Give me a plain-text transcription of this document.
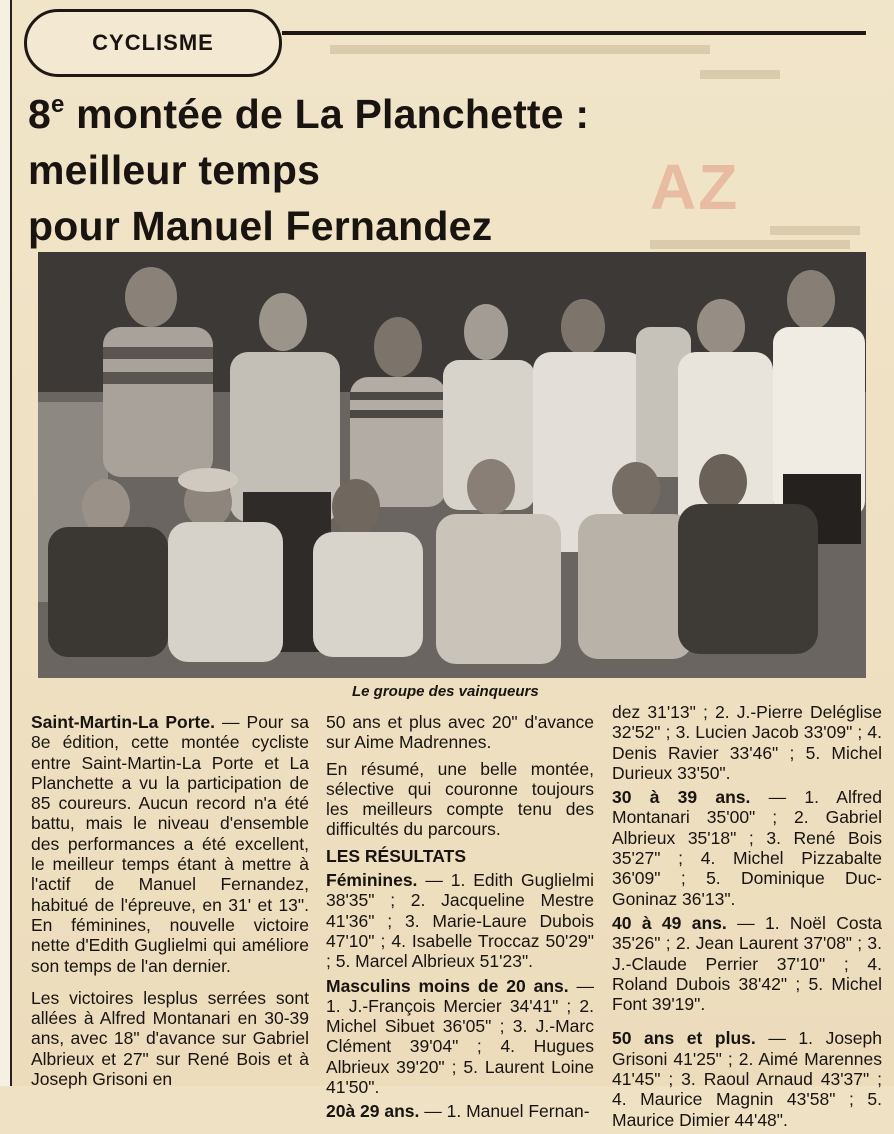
AZ
CYCLISME
8e montée de La Planchette :
meilleur temps
pour Manuel Fernandez
Le groupe des vainqueurs

Saint-Martin-La Porte. — Pour sa 8e édition, cette montée cycliste entre Saint-Martin-La Porte et La Planchette a vu la participation de 85 coureurs. Aucun record n'a été battu, mais le niveau d'ensemble des performances a été excellent, le meilleur temps étant à mettre à l'actif de Manuel Fernandez, habitué de l'épreuve, en 31' et 13". En féminines, nouvelle victoire nette d'Edith Guglielmi qui améliore son temps de l'an dernier.

Les victoires lesplus serrées sont allées à Alfred Montanari en 30-39 ans, avec 18" d'avance sur Gabriel Albrieux et 27" sur René Bois et à Joseph Grisoni en

50 ans et plus avec 20" d'avance sur Aime Madrennes.

En résumé, une belle montée, sélective qui couronne toujours les meilleurs compte tenu des difficultés du parcours.

LES RÉSULTATS
Féminines. — 1. Edith Guglielmi 38'35" ; 2. Jacqueline Mestre 41'36" ; 3. Marie-Laure Dubois 47'10" ; 4. Isabelle Troccaz 50'29" ; 5. Marcel Albrieux 51'23".
Masculins moins de 20 ans. — 1. J.-François Mercier 34'41" ; 2. Michel Sibuet 36'05" ; 3. J.-Marc Clément 39'04" ; 4. Hugues Albrieux 39'20" ; 5. Laurent Loine 41'50".
20à 29 ans. — 1. Manuel Fernan-
dez 31'13" ; 2. J.-Pierre Deléglise 32'52" ; 3. Lucien Jacob 33'09" ; 4. Denis Ravier 33'46" ; 5. Michel Durieux 33'50".
30 à 39 ans. — 1. Alfred Montanari 35'00" ; 2. Gabriel Albrieux 35'18" ; 3. René Bois 35'27" ; 4. Michel Pizzabalte 36'09" ; 5. Dominique Duc-Goninaz 36'13".
40 à 49 ans. — 1. Noël Costa 35'26" ; 2. Jean Laurent 37'08" ; 3. J.-Claude Perrier 37'10" ; 4. Roland Dubois 38'42" ; 5. Michel Font 39'19".
50 ans et plus. — 1. Joseph Grisoni 41'25" ; 2. Aimé Marennes 41'45" ; 3. Raoul Arnaud 43'37" ; 4. Maurice Magnin 43'58" ; 5. Maurice Dimier 44'48".
